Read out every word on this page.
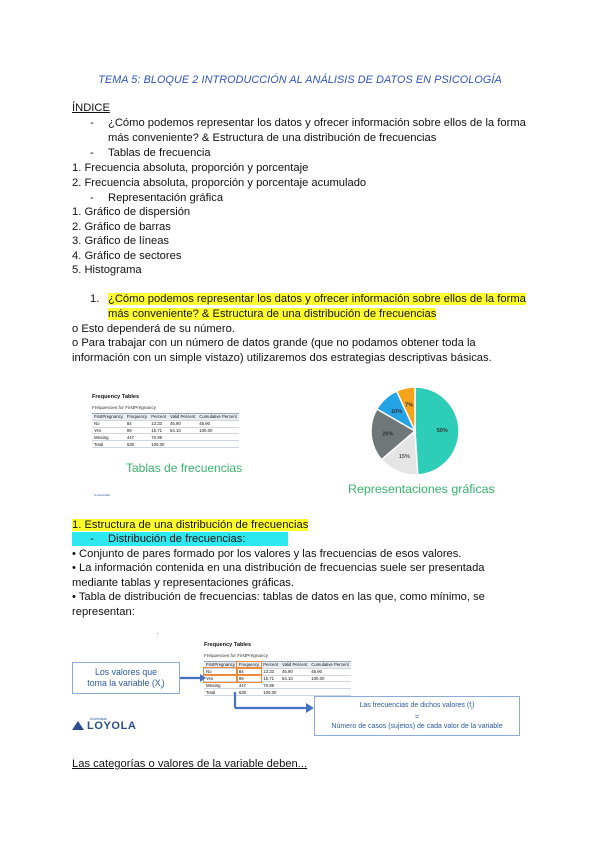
TEMA 5: BLOQUE 2 INTRODUCCIÓN AL ANÁLISIS DE DATOS EN PSICOLOGÍA
ÍNDICE
- ¿Cómo podemos representar los datos y ofrecer información sobre ellos de la forma
más conveniente? & Estructura de una distribución de frecuencias
- Tablas de frecuencia
1. Frecuencia absoluta, proporción y porcentaje
2. Frecuencia absoluta, proporción y porcentaje acumulado
- Representación gráfica
1. Gráfico de dispersión
2. Gráfico de barras
3. Gráfico de líneas
4. Gráfico de sectores
5. Histograma
1. ¿Cómo podemos representar los datos y ofrecer información sobre ellos de la forma
más conveniente? & Estructura de una distribución de frecuencias
o Esto dependerá de su número.
o Para trabajar con un número de datos grande (que no podamos obtener toda la
información con un simple vistazo) utilizaremos dos estrategias descriptivas básicas.
Frequency Tables
Frequencies for FirstPregnancy
FirstPregnancy	Frequency	Percent	Valid Percent	Cumulative Percent
No	84	13.33	45.90	45.90
Yes	99	15.71	54.10	100.00
Missing	447	70.95		
Total	630	100.00		
Tablas de frecuencias
Universidad
50%
15%
20%
10%
7%
Representaciones gráficas
1. Estructura de una distribución de frecuencias
- Distribución de frecuencias:
• Conjunto de pares formado por los valores y las frecuencias de esos valores.
• La información contenida en una distribución de frecuencias suele ser presentada
mediante tablas y representaciones gráficas.
• Tabla de distribución de frecuencias: tablas de datos en las que, como mínimo, se
representan:
.
Frequency Tables
Frequencies for FirstPregnancy
FirstPregnancy	Frequency	Percent	Valid Percent	Cumulative Percent
No	84	13.33	45.90	45.90
Yes	99	15.71	54.10	100.00
Missing	447	70.95		
Total	630	100.00		
Los valores que
toma la variable $(X_i)$
Las frecuencias de dichos valores $(f_i)$
=
Número de casos (sujetos) de cada valor de la variable
Universidad
LOYOLA
Las categorías o valores de la variable deben...
